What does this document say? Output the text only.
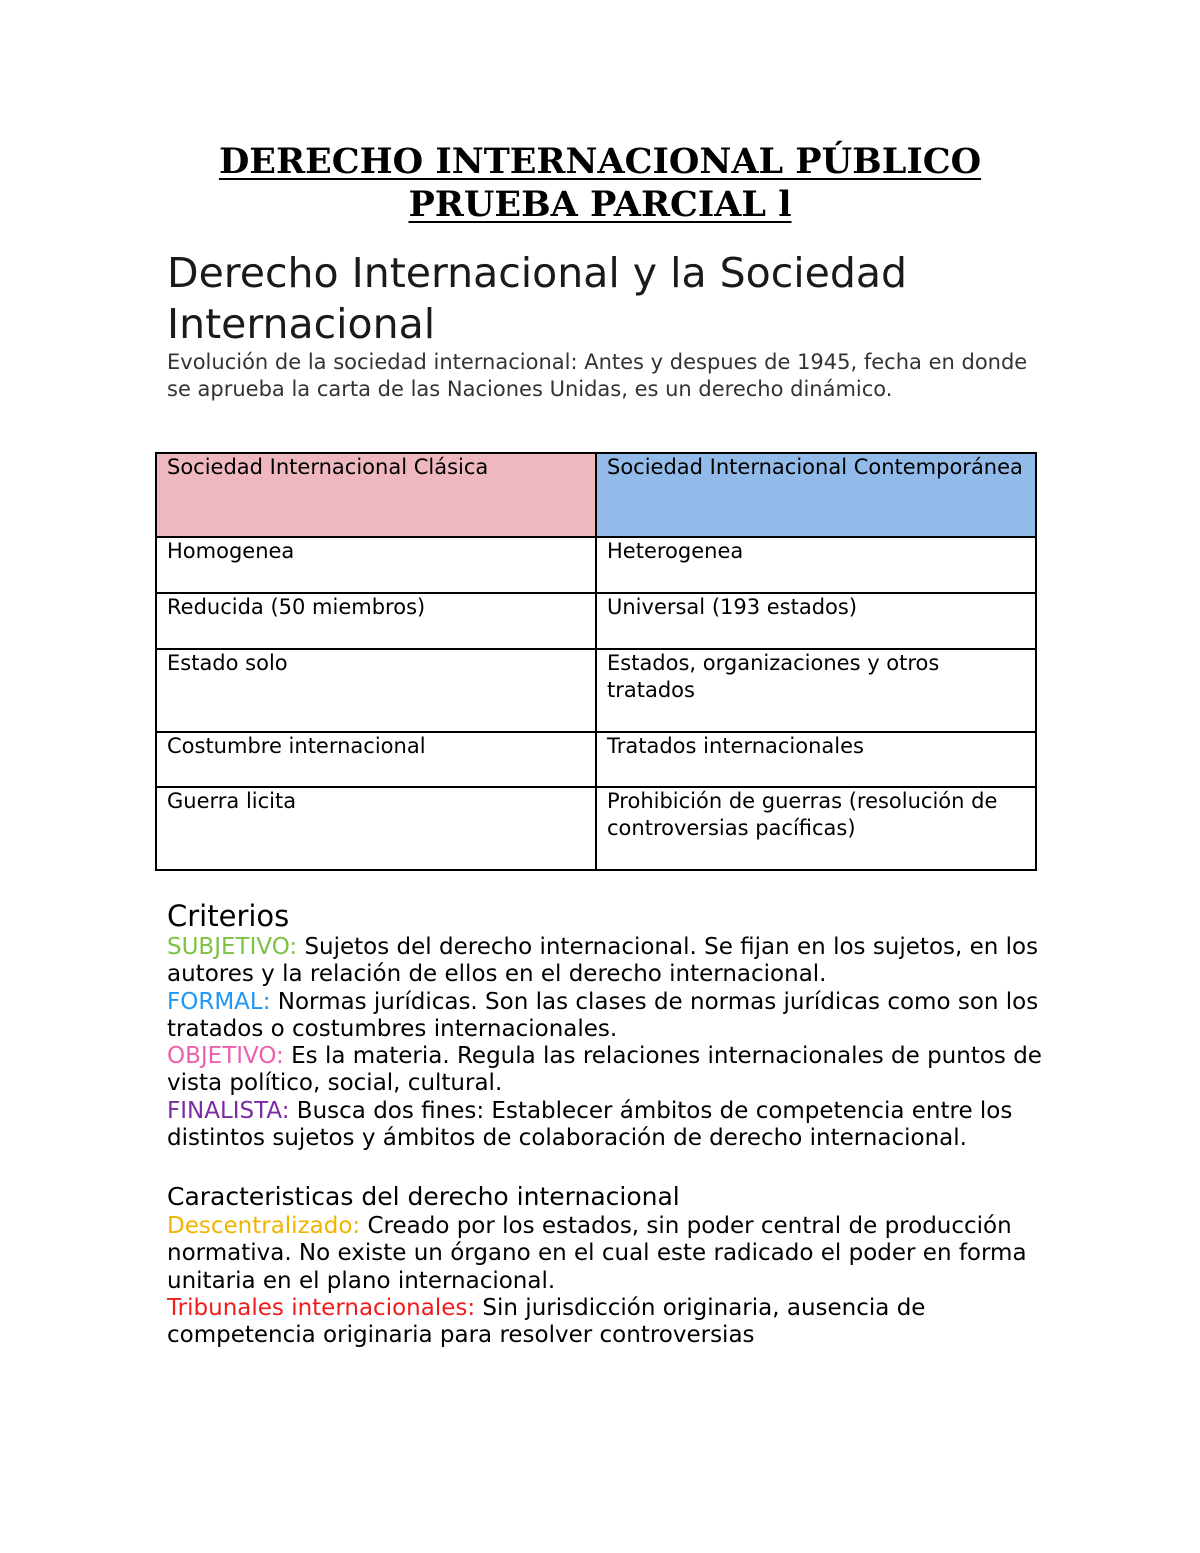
DERECHO INTERNACIONAL PÚBLICO
PRUEBA PARCIAL l
Derecho Internacional y la Sociedad Internacional
Evolución de la sociedad internacional: Antes y despues de 1945, fecha en donde se aprueba la carta de las Naciones Unidas, es un derecho dinámico.
Sociedad Internacional Clásica	Sociedad Internacional Contemporánea
Homogenea	Heterogenea
Reducida (50 miembros)	Universal (193 estados)
Estado solo	Estados, organizaciones y otros tratados
Costumbre internacional	Tratados internacionales
Guerra licita	Prohibición de guerras (resolución de controversias pacíficas)
Criterios

SUBJETIVO: Sujetos del derecho internacional. Se fijan en los sujetos, en los autores y la relación de ellos en el derecho internacional.

FORMAL: Normas jurídicas. Son las clases de normas jurídicas como son los tratados o costumbres internacionales.

OBJETIVO: Es la materia. Regula las relaciones internacionales de puntos de vista político, social, cultural.

FINALISTA: Busca dos fines: Establecer ámbitos de competencia entre los distintos sujetos y ámbitos de colaboración de derecho internacional.

Caracteristicas del derecho internacional

Descentralizado: Creado por los estados, sin poder central de producción normativa. No existe un órgano en el cual este radicado el poder en forma unitaria en el plano internacional.

Tribunales internacionales: Sin jurisdicción originaria, ausencia de competencia originaria para resolver controversias
